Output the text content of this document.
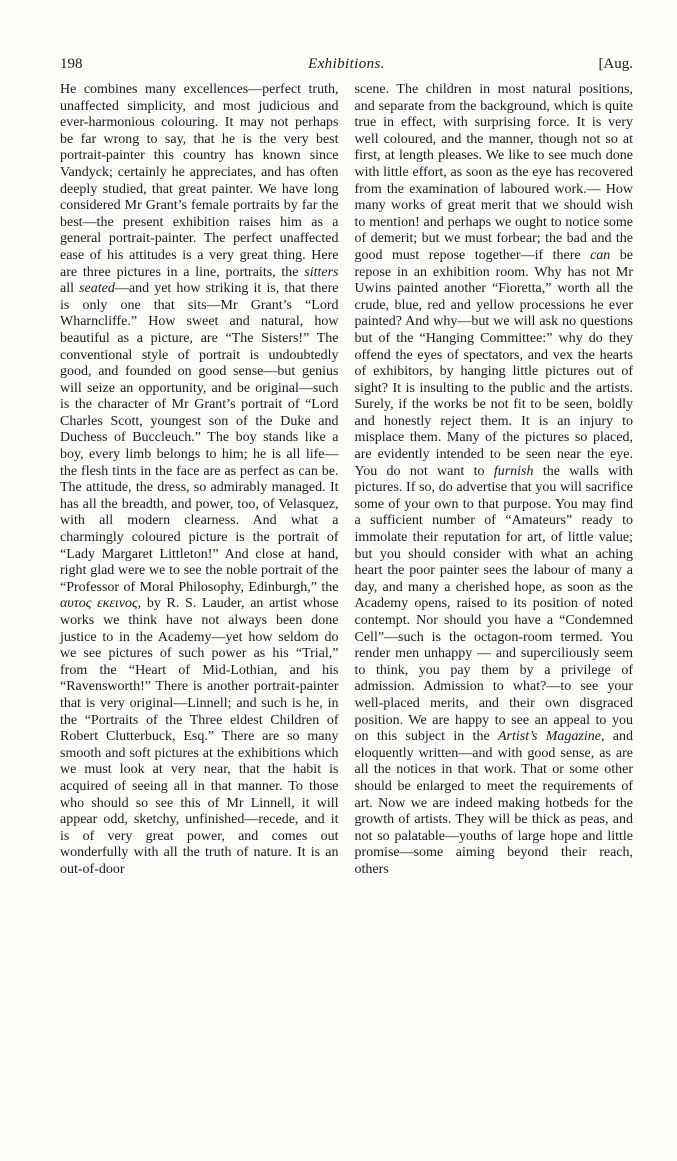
198	Exhibitions.	[Aug.
He combines many excellences—perfect truth, unaffected simplicity, and most judicious and ever-harmonious colouring. It may not perhaps be far wrong to say, that he is the very best portrait-painter this country has known since Vandyck; certainly he appreciates, and has often deeply studied, that great painter. We have long considered Mr Grant’s female portraits by far the best—the present exhibition raises him as a general portrait-painter. The perfect unaffected ease of his attitudes is a very great thing. Here are three pictures in a line, portraits, the sitters all seated—and yet how striking it is, that there is only one that sits—Mr Grant’s “Lord Wharncliffe.” How sweet and natural, how beautiful as a picture, are “The Sisters!” The conventional style of portrait is undoubtedly good, and founded on good sense—but genius will seize an opportunity, and be original—such is the character of Mr Grant’s portrait of “Lord Charles Scott, youngest son of the Duke and Duchess of Buccleuch.” The boy stands like a boy, every limb belongs to him; he is all life—the flesh tints in the face are as perfect as can be. The attitude, the dress, so admirably managed. It has all the breadth, and power, too, of Velasquez, with all modern clearness. And what a charmingly coloured picture is the portrait of “Lady Margaret Littleton!” And close at hand, right glad were we to see the noble portrait of the “Professor of Moral Philosophy, Edinburgh,” the αυτος εκεινος, by R. S. Lauder, an artist whose works we think have not always been done justice to in the Academy—yet how seldom do we see pictures of such power as his “Trial,” from the “Heart of Mid-Lothian, and his “Ravensworth!” There is another portrait-painter that is very original—Linnell; and such is he, in the “Portraits of the Three eldest Children of Robert Clutterbuck, Esq.” There are so many smooth and soft pictures at the exhibitions which we must look at very near, that the habit is acquired of seeing all in that manner. To those who should so see this of Mr Linnell, it will appear odd, sketchy, unfinished—recede, and it is of very great power, and comes out wonderfully with all the truth of nature. It is an out-of-door
scene. The children in most natural positions, and separate from the background, which is quite true in effect, with surprising force. It is very well coloured, and the manner, though not so at first, at length pleases. We like to see much done with little effort, as soon as the eye has recovered from the examination of laboured work.— How many works of great merit that we should wish to mention! and perhaps we ought to notice some of demerit; but we must forbear; the bad and the good must repose together—if there can be repose in an exhibition room. Why has not Mr Uwins painted another “Fioretta,” worth all the crude, blue, red and yellow processions he ever painted? And why—but we will ask no questions but of the “Hanging Committee:” why do they offend the eyes of spectators, and vex the hearts of exhibitors, by hanging little pictures out of sight? It is insulting to the public and the artists. Surely, if the works be not fit to be seen, boldly and honestly reject them. It is an injury to misplace them. Many of the pictures so placed, are evidently intended to be seen near the eye. You do not want to furnish the walls with pictures. If so, do advertise that you will sacrifice some of your own to that purpose. You may find a sufficient number of “Amateurs” ready to immolate their reputation for art, of little value; but you should consider with what an aching heart the poor painter sees the labour of many a day, and many a cherished hope, as soon as the Academy opens, raised to its position of noted contempt. Nor should you have a “Condemned Cell”—such is the octagon-room termed. You render men unhappy — and superciliously seem to think, you pay them by a privilege of admission. Admission to what?—to see your well-placed merits, and their own disgraced position. We are happy to see an appeal to you on this subject in the Artist’s Magazine, and eloquently written—and with good sense, as are all the notices in that work. That or some other should be enlarged to meet the requirements of art. Now we are indeed making hotbeds for the growth of artists. They will be thick as peas, and not so palatable—youths of large hope and little promise—some aiming beyond their reach, others
